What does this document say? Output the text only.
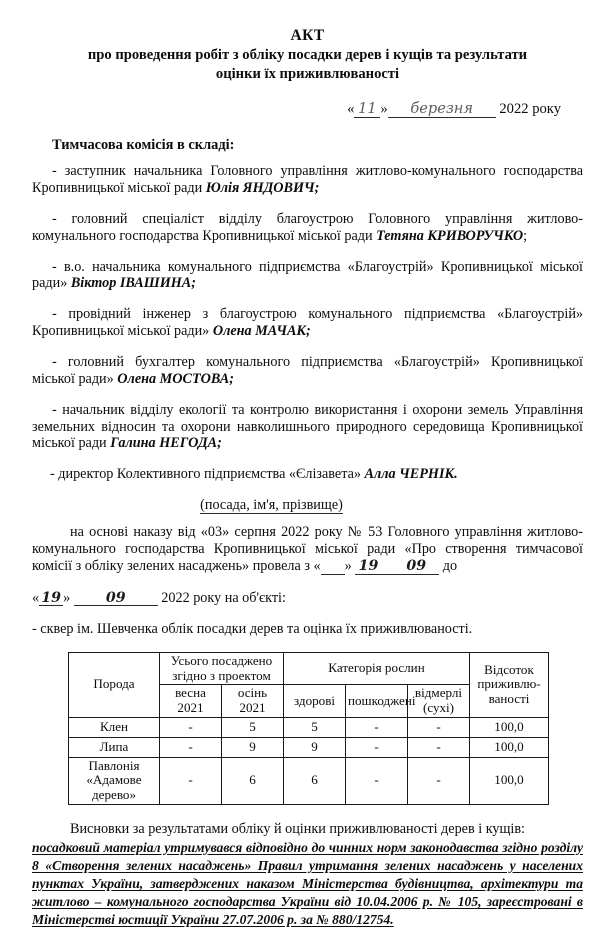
АКТ
про проведення робіт з обліку посадки дерев і кущів та результати оцінки їх приживлюваності
« 11 » березня 2022 року
Тимчасова комісія в складі:

- заступник начальника Головного управління житлово-комунального господарства Кропивницької міської ради Юлія ЯНДОВИЧ;

- головний спеціаліст відділу благоустрою Головного управління житлово-комунального господарства Кропивницької міської ради Тетяна КРИВОРУЧКО;

- в.о. начальника комунального підприємства «Благоустрій» Кропивницької міської ради» Віктор ІВАШИНА;

- провідний інженер з благоустрою комунального підприємства «Благоустрій» Кропивницької міської ради» Олена МАЧАК;

- головний бухгалтер комунального підприємства «Благоустрій» Кропивницької міської ради» Олена МОСТОВА;

- начальник відділу екології та контролю використання і охорони земель Управління земельних відносин та охорони навколишнього природного середовища Кропивницької міської ради Галина НЕГОДА;

- директор Колективного підприємства «Єлізавета» Алла ЧЕРНІК.

(посада, ім'я, прізвище)

на основі наказу від «03» серпня 2022 року № 53 Головного управління житлово-комунального господарства Кропивницької міської ради «Про створення тимчасової комісії з обліку зелених насаджень» провела з «	19»	09 до

« 19 » 09 2022 року на об'єкті:

- сквер ім. Шевченка облік посадки дерев та оцінка їх приживлюваності.
Порода	Усього посаджено згідно з проектом		Категорія рослин			Відсоток приживлю-ваності
	весна 2021	осінь 2021	здорові	пошкоджені	відмерлі (сухі)	
Клен	-	5	5	-	-	100,0
Липа	-	9	9	-	-	100,0
Павлонія «Адамове дерево»	-	6	6	-	-	100,0

Висновки за результатами обліку й оцінки приживлюваності дерев і кущів:
посадковий матеріал утримувався відповідно до чинних норм законодавства згідно розділу 8 «Створення зелених насаджень» Правил утримання зелених насаджень у населених пунктах України, затверджених наказом Міністерства будівництва, архітектури та житлово – комунального господарства України від 10.04.2006 р. № 105, зареєстровані в Міністерстві юстиції України 27.07.2006 р. за № 880/12754.
